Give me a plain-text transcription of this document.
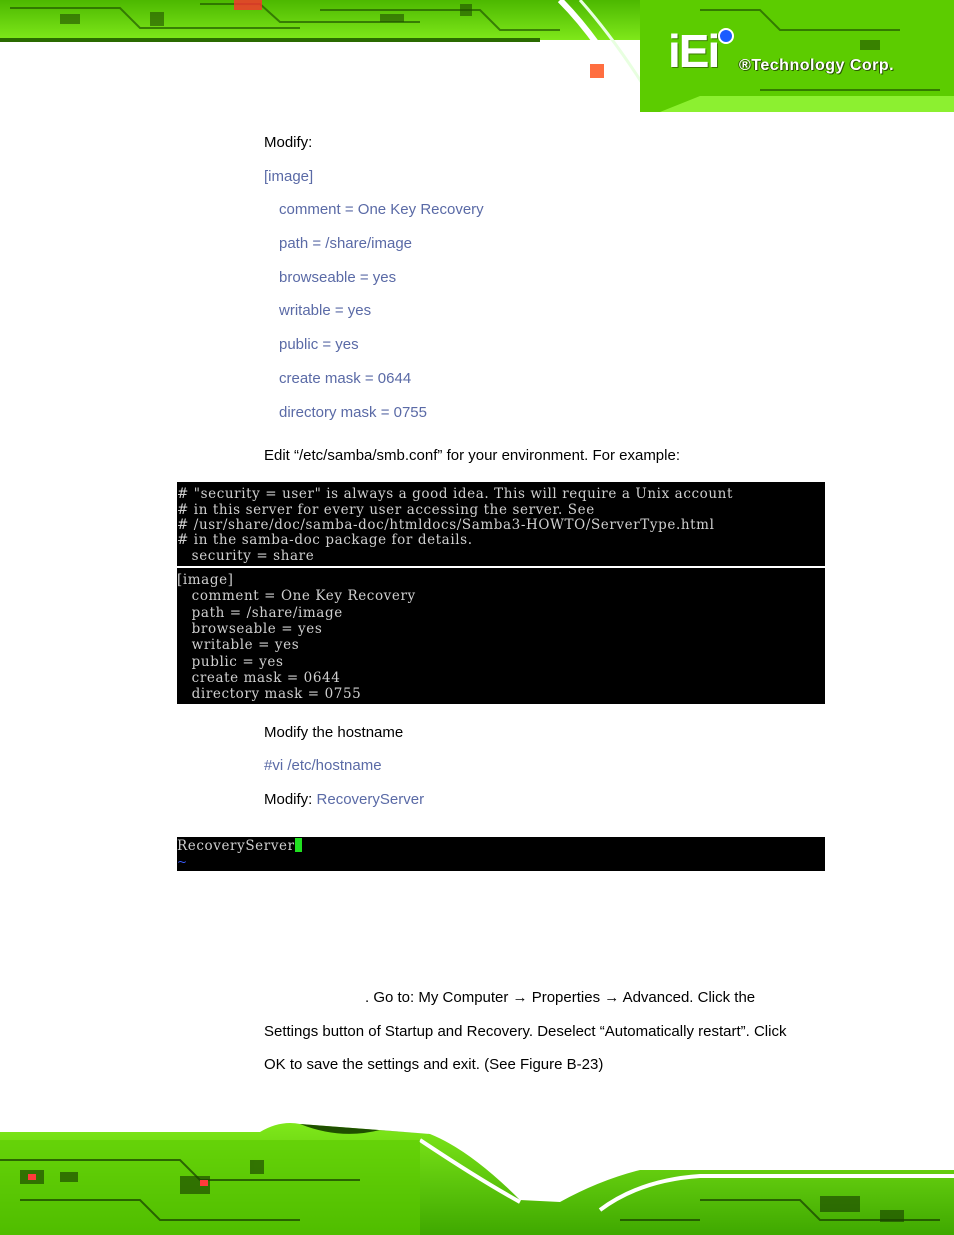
iEi	®Technology Corp.
Modify:
[image]
comment = One Key Recovery
path = /share/image
browseable = yes
writable = yes
public = yes
create mask = 0644
directory mask = 0755
Edit “/etc/samba/smb.conf” for your environment. For example:
# "security = user" is always a good idea. This will require a Unix account
# in this server for every user accessing the server. See
# /usr/share/doc/samba-doc/htmldocs/Samba3-HOWTO/ServerType.html
# in the samba-doc package for details.
security = share
[image]
comment = One Key Recovery
path = /share/image
browseable = yes
writable = yes
public = yes
create mask = 0644
directory mask = 0755
Modify the hostname
#vi /etc/hostname
Modify: RecoveryServer
RecoveryServer
~
. Go to: My Computer → Properties → Advanced. Click the
Settings button of Startup and Recovery. Deselect “Automatically restart”. Click
OK to save the settings and exit. (See Figure B-23)
